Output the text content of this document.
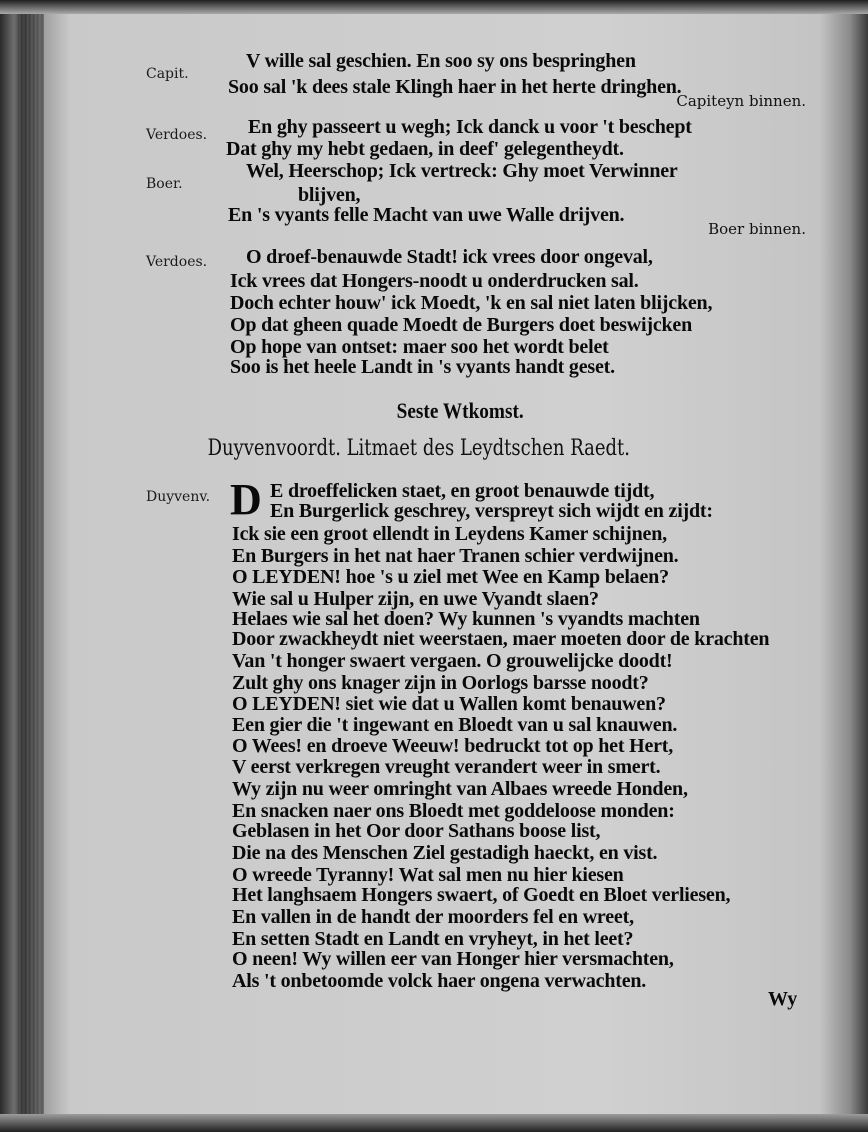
Capit.
Verdoes.
Boer.
Verdoes.
Duyvenv.
V wille sal geschien. En soo sy ons bespringhen
Soo sal 'k dees stale Klingh haer in het herte dringhen.
Capiteyn binnen.
En ghy passeert u wegh; Ick danck u voor 't beschept
Dat ghy my hebt gedaen, in deef' gelegentheydt.
Wel, Heerschop; Ick vertreck: Ghy moet Verwinner
blijven,
En 's vyants felle Macht van uwe Walle drijven.
Boer binnen.
O droef-benauwde Stadt! ick vrees door ongeval,
Ick vrees dat Hongers-noodt u onderdrucken sal.
Doch echter houw' ick Moedt, 'k en sal niet laten blijcken,
Op dat gheen quade Moedt de Burgers doet beswijcken
Op hope van ontset: maer soo het wordt belet
Soo is het heele Landt in 's vyants handt geset.
Seste Wtkomst.
Duyvenvoordt. Litmaet des Leydtschen Raedt.
D E droeffelicken staet, en groot benauwde tijdt,
En Burgerlick geschrey, verspreyt sich wijdt en zijdt:
Ick sie een groot ellendt in Leydens Kamer schijnen,
En Burgers in het nat haer Tranen schier verdwijnen.
O LEYDEN! hoe 's u ziel met Wee en Kamp belaen?
Wie sal u Hulper zijn, en uwe Vyandt slaen?
Helaes wie sal het doen? Wy kunnen 's vyandts machten
Door zwackheydt niet weerstaen, maer moeten door de krachten
Van 't honger swaert vergaen. O grouwelijcke doodt!
Zult ghy ons knager zijn in Oorlogs barsse noodt?
O LEYDEN! siet wie dat u Wallen komt benauwen?
Een gier die 't ingewant en Bloedt van u sal knauwen.
O Wees! en droeve Weeuw! bedruckt tot op het Hert,
V eerst verkregen vreught verandert weer in smert.
Wy zijn nu weer omringht van Albaes wreede Honden,
En snacken naer ons Bloedt met goddeloose monden:
Geblasen in het Oor door Sathans boose list,
Die na des Menschen Ziel gestadigh haeckt, en vist.
O wreede Tyranny! Wat sal men nu hier kiesen
Het langhsaem Hongers swaert, of Goedt en Bloet verliesen,
En vallen in de handt der moorders fel en wreet,
En setten Stadt en Landt en vryheyt, in het leet?
O neen! Wy willen eer van Honger hier versmachten,
Als 't onbetoomde volck haer ongena verwachten.
Wy
